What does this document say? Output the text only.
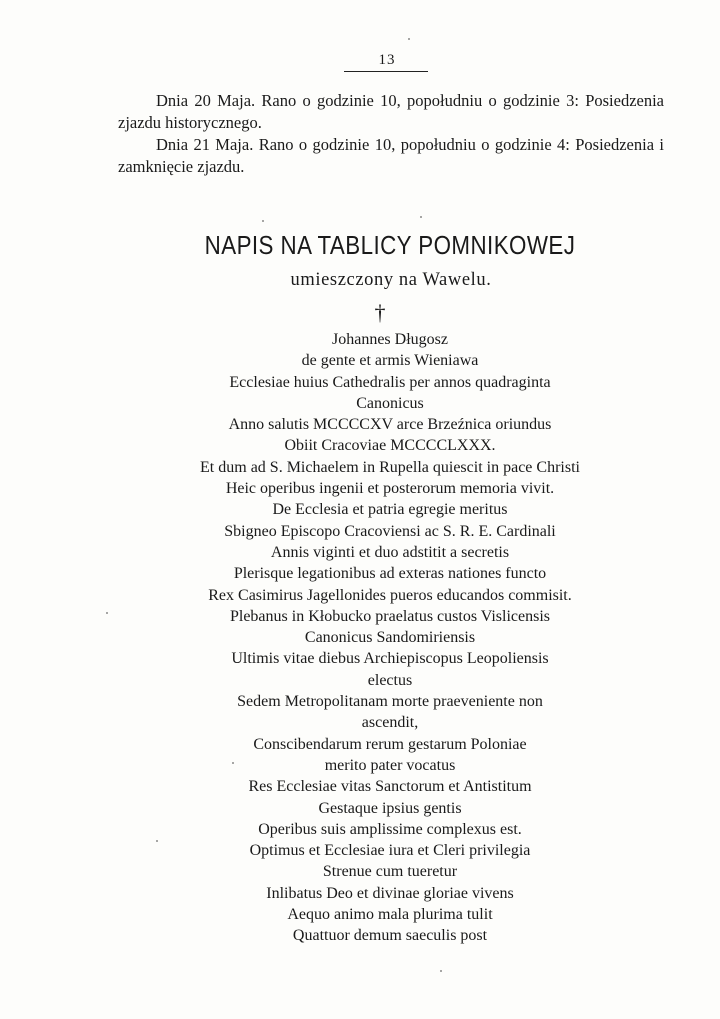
13

Dnia 20 Maja. Rano o godzinie 10, popołudniu o godzinie 3: Posiedzenia zjazdu historycznego.

Dnia 21 Maja. Rano o godzinie 10, popołudniu o godzinie 4: Posiedzenia i zamknięcie zjazdu.

NAPIS NA TABLICY POMNIKOWEJ
umieszczony na Wawelu.
†
Johannes Długosz
de gente et armis Wieniawa
Ecclesiae huius Cathedralis per annos quadraginta
Canonicus
Anno salutis MCCCCXV arce Brzeźnica oriundus
Obiit Cracoviae MCCCCLXXX.
Et dum ad S. Michaelem in Rupella quiescit in pace Christi
Heic operibus ingenii et posterorum memoria vivit.
De Ecclesia et patria egregie meritus
Sbigneo Episcopo Cracoviensi ac S. R. E. Cardinali
Annis viginti et duo adstitit a secretis
Plerisque legationibus ad exteras nationes functo
Rex Casimirus Jagellonides pueros educandos commisit.
Plebanus in Kłobucko praelatus custos Vislicensis
Canonicus Sandomiriensis
Ultimis vitae diebus Archiepiscopus Leopoliensis
electus
Sedem Metropolitanam morte praeveniente non
ascendit,
Conscibendarum rerum gestarum Poloniae
merito pater vocatus
Res Ecclesiae vitas Sanctorum et Antistitum
Gestaque ipsius gentis
Operibus suis amplissime complexus est.
Optimus et Ecclesiae iura et Cleri privilegia
Strenue cum tueretur
Inlibatus Deo et divinae gloriae vivens
Aequo animo mala plurima tulit
Quattuor demum saeculis post
